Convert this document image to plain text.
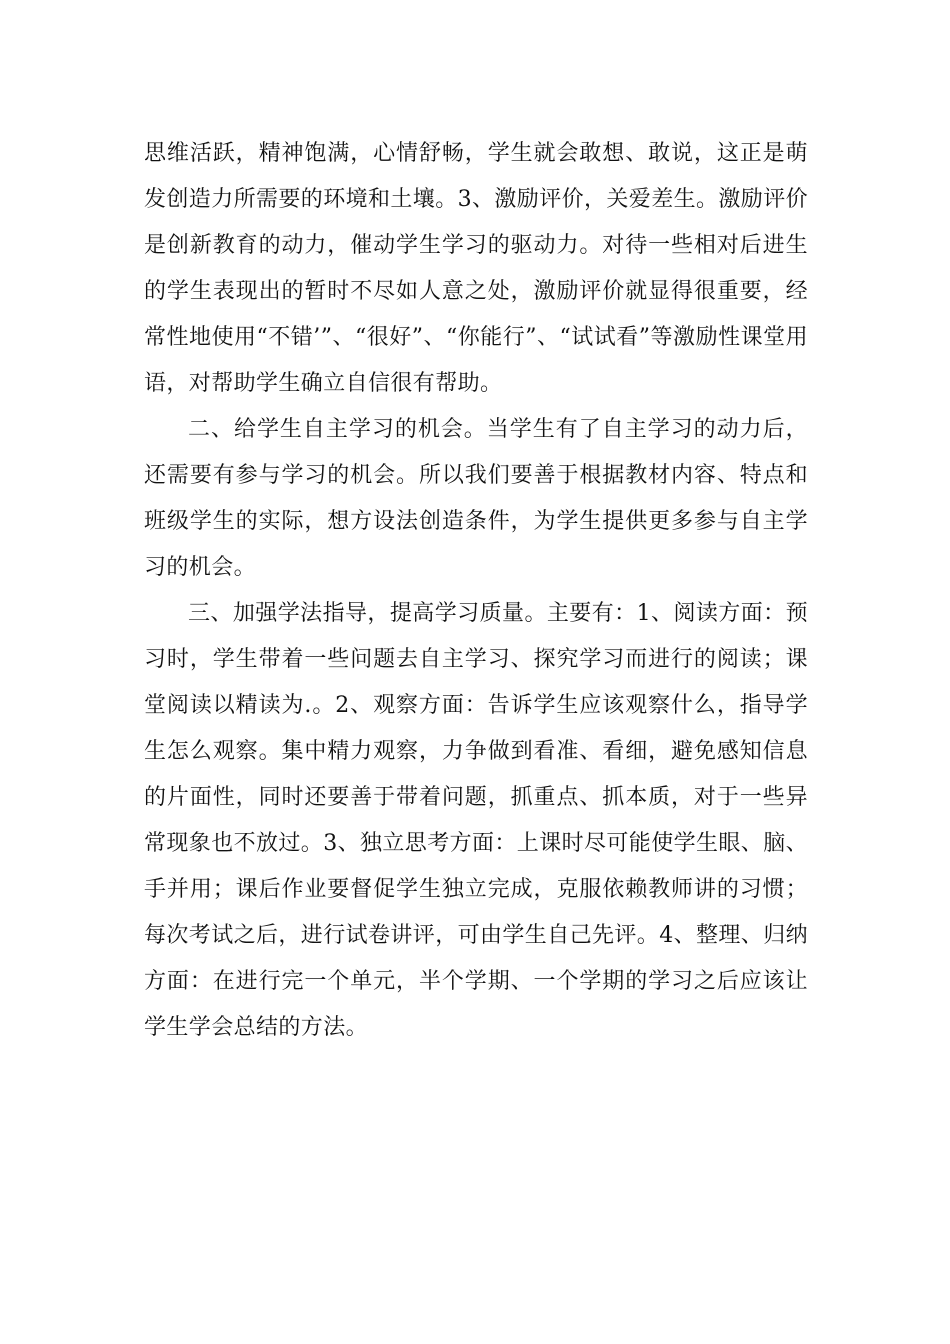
思维活跃，精神饱满，心情舒畅，学生就会敢想、敢说，这正是萌发创造力所需要的环境和土壤。3、激励评价，关爱差生。激励评价是创新教育的动力，催动学生学习的驱动力。对待一些相对后进生的学生表现出的暂时不尽如人意之处，激励评价就显得很重要，经常性地使用“不错’”、“很好”、“你能行”、“试试看”等激励性课堂用语，对帮助学生确立自信很有帮助。

二、给学生自主学习的机会。当学生有了自主学习的动力后，还需要有参与学习的机会。所以我们要善于根据教材内容、特点和班级学生的实际，想方设法创造条件，为学生提供更多参与自主学习的机会。

三、加强学法指导，提高学习质量。主要有：1、阅读方面：预习时，学生带着一些问题去自主学习、探究学习而进行的阅读；课堂阅读以精读为.。2、观察方面：告诉学生应该观察什么，指导学生怎么观察。集中精力观察，力争做到看准、看细，避免感知信息的片面性，同时还要善于带着问题，抓重点、抓本质，对于一些异常现象也不放过。3、独立思考方面：上课时尽可能使学生眼、脑、手并用；课后作业要督促学生独立完成，克服依赖教师讲的习惯；每次考试之后，进行试卷讲评，可由学生自己先评。4、整理、归纳方面：在进行完一个单元，半个学期、一个学期的学习之后应该让学生学会总结的方法。
